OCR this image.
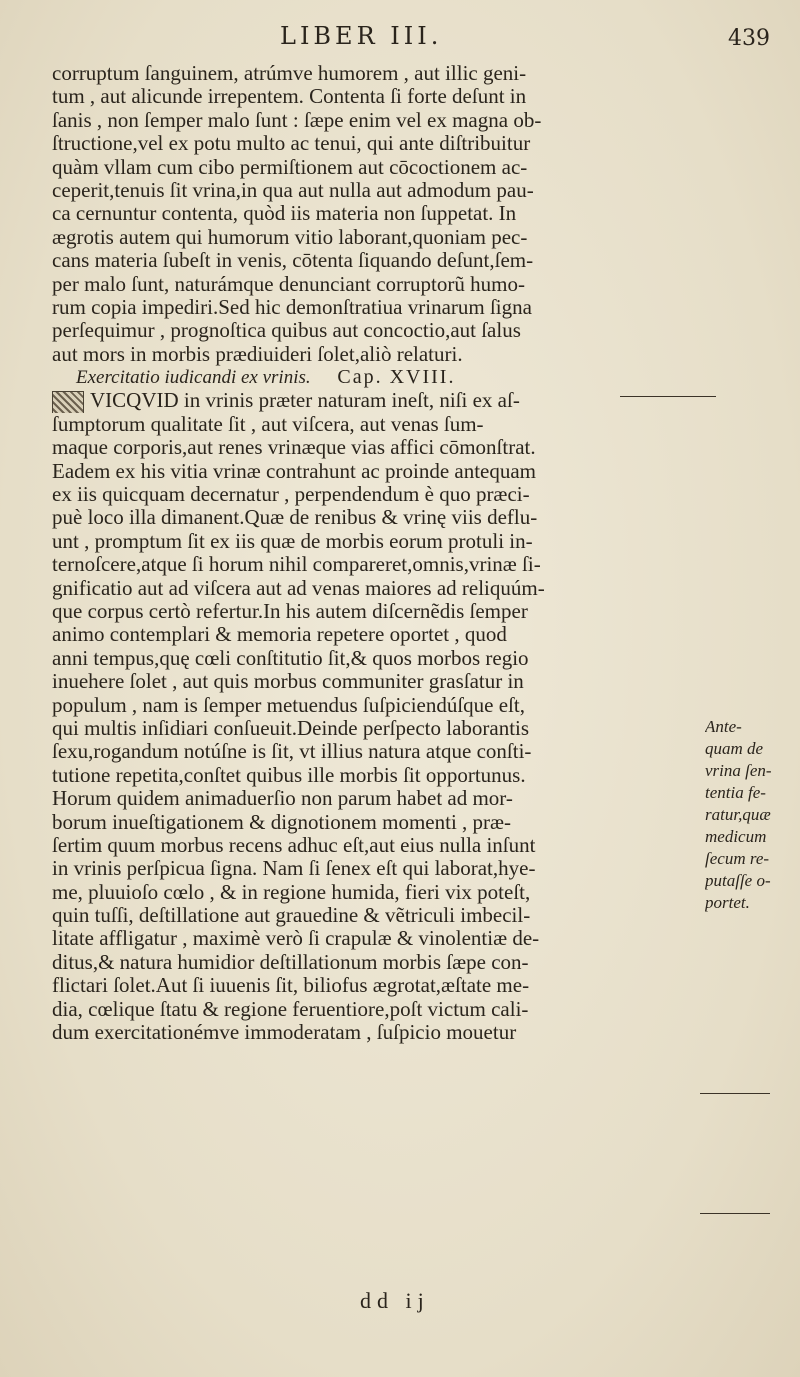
LIBER III.	439
corruptum ſanguinem, atrúmve humorem , aut illic geni-
tum , aut alicunde irrepentem. Contenta ſi forte deſunt in
ſanis , non ſemper malo ſunt : ſæpe enim vel ex magna ob-
ſtructione,vel ex potu multo ac tenui, qui ante diſtribuitur
quàm vllam cum cibo permiſtionem aut cōcoctionem ac-
ceperit,tenuis ſit vrina,in qua aut nulla aut admodum pau-
ca cernuntur contenta, quòd iis materia non ſuppetat. In
ægrotis autem qui humorum vitio laborant,quoniam pec-
cans materia ſubeſt in venis, cōtenta ſiquando deſunt,ſem-
per malo ſunt, naturámque denunciant corruptorũ humo-
rum copia impediri.Sed hic demonſtratiua vrinarum ſigna
perſequimur , prognoſtica quibus aut concoctio,aut ſalus
aut mors in morbis prædiuideri ſolet,aliò relaturi.
Exercitatio iudicandi ex vrinis. Cap. XVIII.
VICQVID in vrinis præter naturam ineſt, niſi ex aſ-
ſumptorum qualitate ſit , aut viſcera, aut venas ſum-
maque corporis,aut renes vrinæque vias affici cōmonſtrat.
Eadem ex his vitia vrinæ contrahunt ac proinde antequam
ex iis quicquam decernatur , perpendendum è quo præci-
puè loco illa dimanent.Quæ de renibus & vrinę viis deflu-
unt , promptum ſit ex iis quæ de morbis eorum protuli in-
ternoſcere,atque ſi horum nihil compareret,omnis,vrinæ ſi-
gnificatio aut ad viſcera aut ad venas maiores ad reliquúm-
que corpus certò refertur.In his autem diſcernẽdis ſemper
animo contemplari & memoria repetere oportet , quod
anni tempus,quę cœli conſtitutio ſit,& quos morbos regio
inuehere ſolet , aut quis morbus communiter grasſatur in
populum , nam is ſemper metuendus ſuſpiciendúſque eſt,
qui multis inſidiari conſueuit.Deinde perſpecto laborantis
ſexu,rogandum notúſne is ſit, vt illius natura atque conſti-
tutione repetita,conſtet quibus ille morbis ſit opportunus.
Horum quidem animaduerſio non parum habet ad mor-
borum inueſtigationem & dignotionem momenti , præ-
ſertim quum morbus recens adhuc eſt,aut eius nulla inſunt
in vrinis perſpicua ſigna. Nam ſi ſenex eſt qui laborat,hye-
me, pluuioſo cœlo , & in regione humida, fieri vix poteſt,
quin tuſſi, deſtillatione aut grauedine & vẽtriculi imbecil-
litate affligatur , maximè verò ſi crapulæ & vinolentiæ de-
ditus,& natura humidior deſtillationum morbis ſæpe con-
flictari ſolet.Aut ſi iuuenis ſit, biliofus ægrotat,æſtate me-
dia, cœlique ſtatu & regione feruentiore,poſt victum cali-
dum exercitationémve immoderatam , ſuſpicio mouetur
Ante-
quam de
vrina ſen-
tentia fe-
ratur,quæ
medicum
ſecum re-
putaſſe o-
portet.
dd ij
